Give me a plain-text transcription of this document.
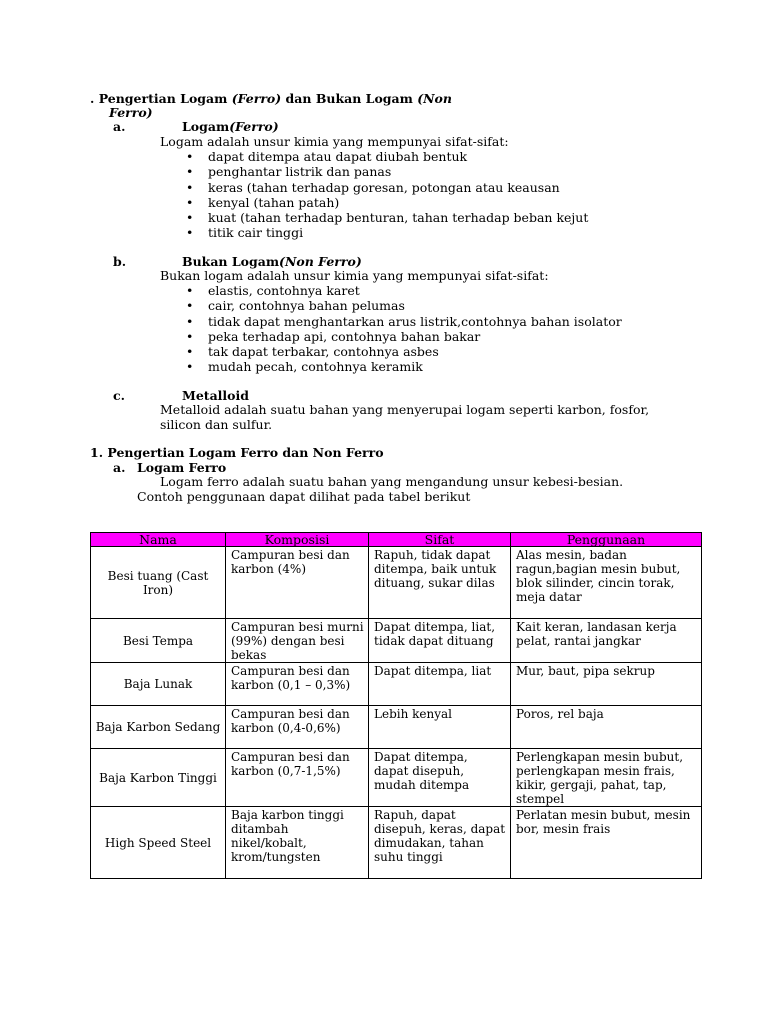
. Pengertian Logam (Ferro) dan Bukan Logam (Non
Ferro)
a.	Logam(Ferro)
Logam adalah unsur kimia yang mempunyai sifat-sifat:
• dapat ditempa atau dapat diubah bentuk
• penghantar listrik dan panas
• keras (tahan terhadap goresan, potongan atau keausan
• kenyal (tahan patah)
• kuat (tahan terhadap benturan, tahan terhadap beban kejut
• titik cair tinggi
b.	Bukan Logam(Non Ferro)
Bukan logam adalah unsur kimia yang mempunyai sifat-sifat:
• elastis, contohnya karet
• cair, contohnya bahan pelumas
• tidak dapat menghantarkan arus listrik,contohnya bahan isolator
• peka terhadap api, contohnya bahan bakar
• tak dapat terbakar, contohnya asbes
• mudah pecah, contohnya keramik
c.	Metalloid
Metalloid adalah suatu bahan yang menyerupai logam seperti karbon, fosfor, silicon dan sulfur.
1. Pengertian Logam Ferro dan Non Ferro
a. Logam Ferro
Logam ferro adalah suatu bahan yang mengandung unsur kebesi-besian.
Contoh penggunaan dapat dilihat pada tabel berikut
Nama	Komposisi	Sifat	Penggunaan
Besi tuang (Cast Iron)	Campuran besi dan karbon (4%)	Rapuh, tidak dapat ditempa, baik untuk dituang, sukar dilas	Alas mesin, badan ragun,bagian mesin bubut, blok silinder, cincin torak, meja datar
Besi Tempa	Campuran besi murni (99%) dengan besi bekas	Dapat ditempa, liat, tidak dapat dituang	Kait keran, landasan kerja pelat, rantai jangkar
Baja Lunak	Campuran besi dan karbon (0,1 – 0,3%)	Dapat ditempa, liat	Mur, baut, pipa sekrup
Baja Karbon Sedang	Campuran besi dan karbon (0,4-0,6%)	Lebih kenyal	Poros, rel baja
Baja Karbon Tinggi	Campuran besi dan karbon (0,7-1,5%)	Dapat ditempa, dapat disepuh, mudah ditempa	Perlengkapan mesin bubut, perlengkapan mesin frais, kikir, gergaji, pahat, tap, stempel
High Speed Steel	Baja karbon tinggi ditambah nikel/kobalt, krom/tungsten	Rapuh, dapat disepuh, keras, dapat dimudakan, tahan suhu tinggi	Perlatan mesin bubut, mesin bor, mesin frais
